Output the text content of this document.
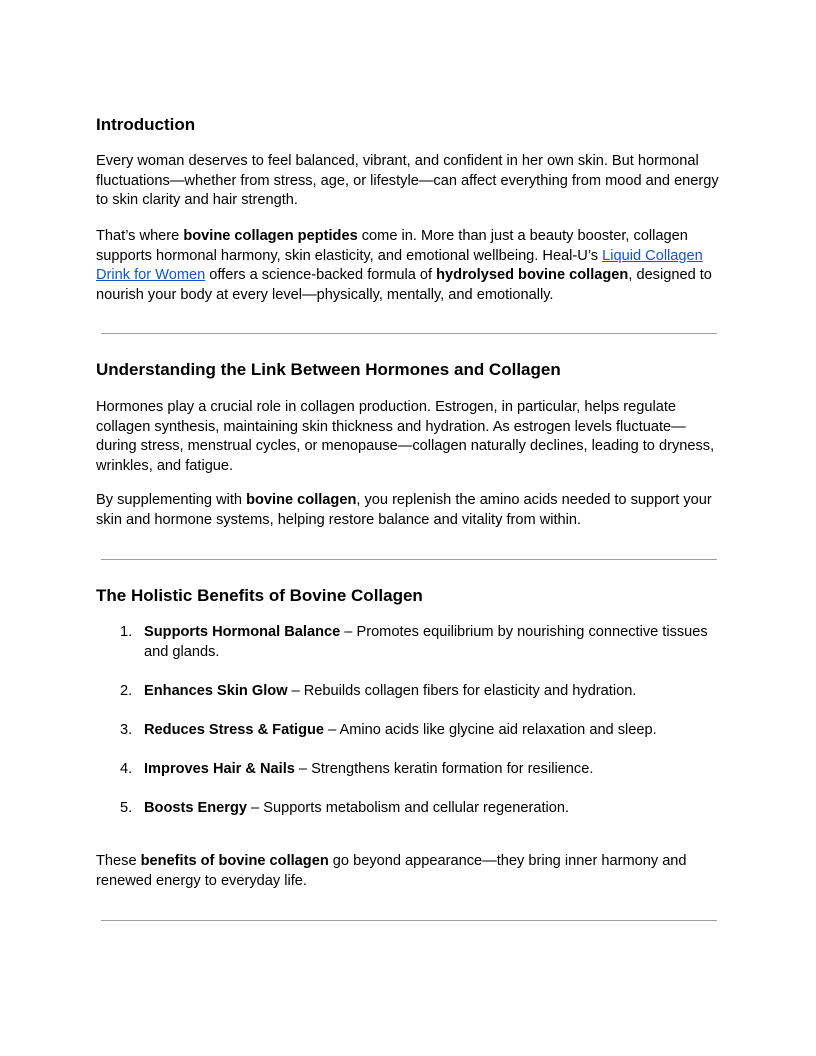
Introduction

Every woman deserves to feel balanced, vibrant, and confident in her own skin. But hormonal fluctuations—whether from stress, age, or lifestyle—can affect everything from mood and energy to skin clarity and hair strength.

That’s where bovine collagen peptides come in. More than just a beauty booster, collagen supports hormonal harmony, skin elasticity, and emotional wellbeing. Heal-U’s Liquid Collagen Drink for Women offers a science-backed formula of hydrolysed bovine collagen, designed to nourish your body at every level—physically, mentally, and emotionally.

Understanding the Link Between Hormones and Collagen

Hormones play a crucial role in collagen production. Estrogen, in particular, helps regulate collagen synthesis, maintaining skin thickness and hydration. As estrogen levels fluctuate—during stress, menstrual cycles, or menopause—collagen naturally declines, leading to dryness, wrinkles, and fatigue.

By supplementing with bovine collagen, you replenish the amino acids needed to support your skin and hormone systems, helping restore balance and vitality from within.

The Holistic Benefits of Bovine Collagen
1. Supports Hormonal Balance – Promotes equilibrium by nourishing connective tissues and glands.
2. Enhances Skin Glow – Rebuilds collagen fibers for elasticity and hydration.
3. Reduces Stress & Fatigue – Amino acids like glycine aid relaxation and sleep.
4. Improves Hair & Nails – Strengthens keratin formation for resilience.
5. Boosts Energy – Supports metabolism and cellular regeneration.

These benefits of bovine collagen go beyond appearance—they bring inner harmony and renewed energy to everyday life.
